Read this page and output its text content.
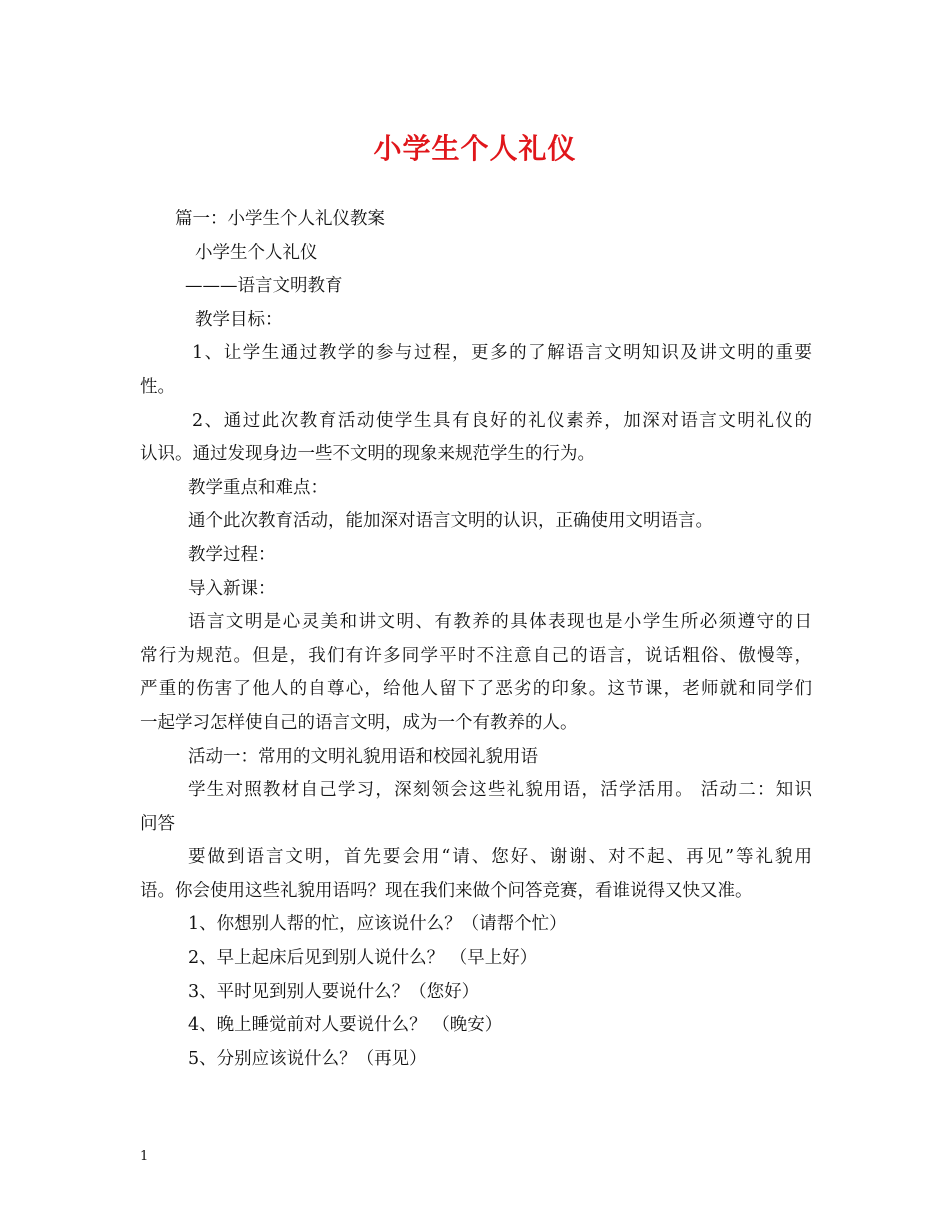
小学生个人礼仪
篇一：小学生个人礼仪教案
小学生个人礼仪
———语言文明教育
教学目标：
1、让学生通过教学的参与过程，更多的了解语言文明知识及讲文明的重要
性。
2、通过此次教育活动使学生具有良好的礼仪素养，加深对语言文明礼仪的
认识。通过发现身边一些不文明的现象来规范学生的行为。
教学重点和难点：
通个此次教育活动，能加深对语言文明的认识，正确使用文明语言。
教学过程：
导入新课：
语言文明是心灵美和讲文明、有教养的具体表现也是小学生所必须遵守的日
常行为规范。但是，我们有许多同学平时不注意自己的语言，说话粗俗、傲慢等，
严重的伤害了他人的自尊心，给他人留下了恶劣的印象。这节课，老师就和同学们
一起学习怎样使自己的语言文明，成为一个有教养的人。
活动一：常用的文明礼貌用语和校园礼貌用语
学生对照教材自己学习，深刻领会这些礼貌用语，活学活用。 活动二：知识
问答
要做到语言文明，首先要会用“请、您好、谢谢、对不起、再见”等礼貌用
语。你会使用这些礼貌用语吗？现在我们来做个问答竞赛，看谁说得又快又准。
1、你想别人帮的忙，应该说什么？（请帮个忙）
2、早上起床后见到别人说什么？ （早上好）
3、平时见到别人要说什么？（您好）
4、晚上睡觉前对人要说什么？ （晚安）
5、分别应该说什么？（再见）
1
